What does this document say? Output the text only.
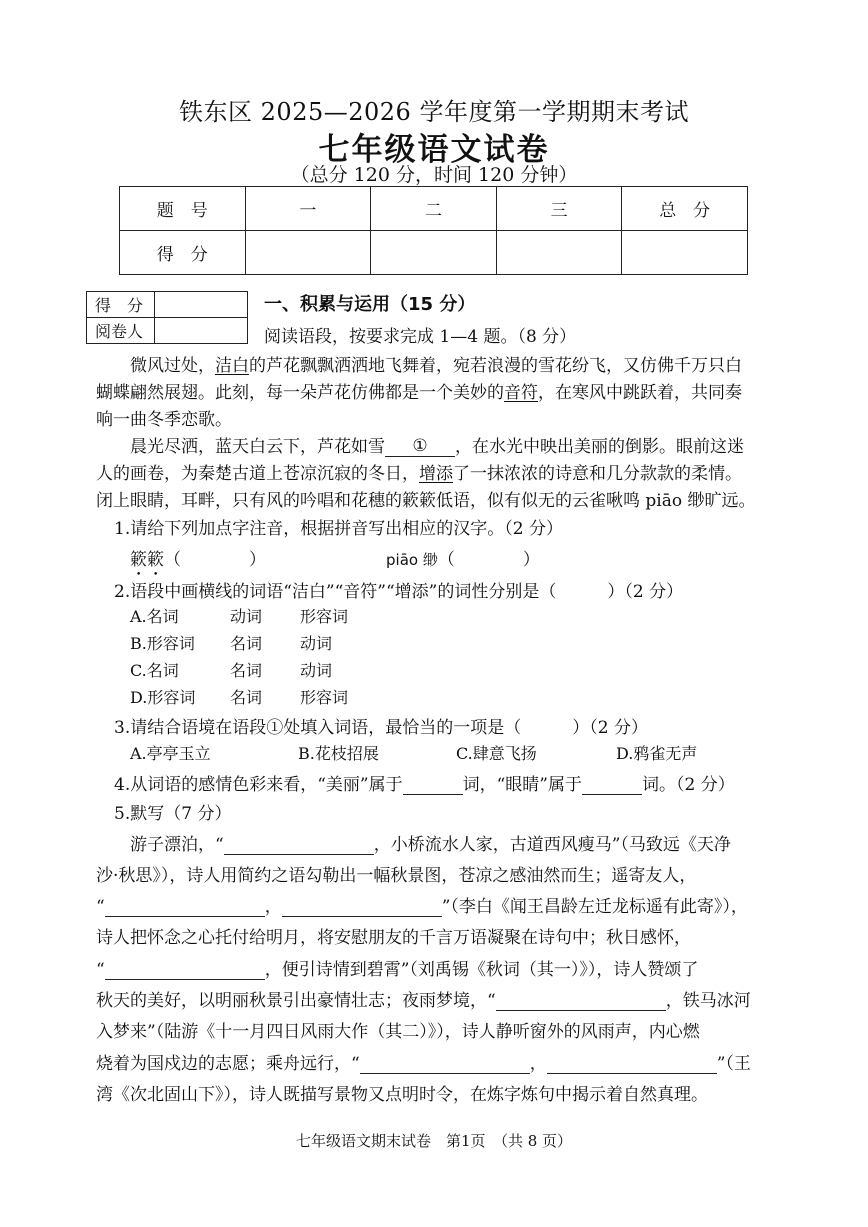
铁东区 2025—2026 学年度第一学期期末考试
七年级语文试卷
（总分 120 分，时间 120 分钟）
题　号	一	二	三	总　分
得　分				
得　分	
阅卷人	
一、积累与运用（15 分）
阅读语段，按要求完成 1—4 题。（8 分）
微风过处，洁白的芦花飘飘洒洒地飞舞着，宛若浪漫的雪花纷飞，又仿佛千万只白
蝴蝶翩然展翅。此刻，每一朵芦花仿佛都是一个美妙的音符，在寒风中跳跃着，共同奏
响一曲冬季恋歌。
晨光尽洒，蓝天白云下，芦花如雪 ① ，在水光中映出美丽的倒影。眼前这迷
人的画卷，为秦楚古道上苍凉沉寂的冬日，增添了一抹浓浓的诗意和几分款款的柔情。
闭上眼睛，耳畔，只有风的吟唱和花穗的簌簌低语，似有似无的云雀啾鸣 piāo 缈旷远。
1.请给下列加点字注音，根据拼音写出相应的汉字。（2 分）
簌簌（　　　　）	piāo 缈（　　　　）
2.语段中画横线的词语“洁白”“音符”“增添”的词性分别是（　　　）（2 分）
A.名词	动词 形容词
B.形容词 名词 动词
C.名词	名词 动词
D.形容词 名词 形容词
3.请结合语境在语段①处填入词语，最恰当的一项是（　　　）（2 分）
A.亭亭玉立	B.花枝招展	C.肆意飞扬	D.鸦雀无声
4.从词语的感情色彩来看，“美丽”属于	词，“眼睛”属于	词。（2 分）
5.默写（7 分）
游子漂泊，“	，小桥流水人家，古道西风瘦马”（马致远《天净
沙·秋思》），诗人用简约之语勾勒出一幅秋景图，苍凉之感油然而生；遥寄友人，
“	，	”（李白《闻王昌龄左迁龙标遥有此寄》），
诗人把怀念之心托付给明月，将安慰朋友的千言万语凝聚在诗句中；秋日感怀，
“	，便引诗情到碧霄”（刘禹锡《秋词（其一）》），诗人赞颂了
秋天的美好，以明丽秋景引出豪情壮志；夜雨梦境，“	，铁马冰河
入梦来”（陆游《十一月四日风雨大作（其二）》），诗人静听窗外的风雨声，内心燃
烧着为国戍边的志愿；乘舟远行，“	，	”（王
湾《次北固山下》），诗人既描写景物又点明时令，在炼字炼句中揭示着自然真理。
七年级语文期末试卷　第1页　（共 8 页）
